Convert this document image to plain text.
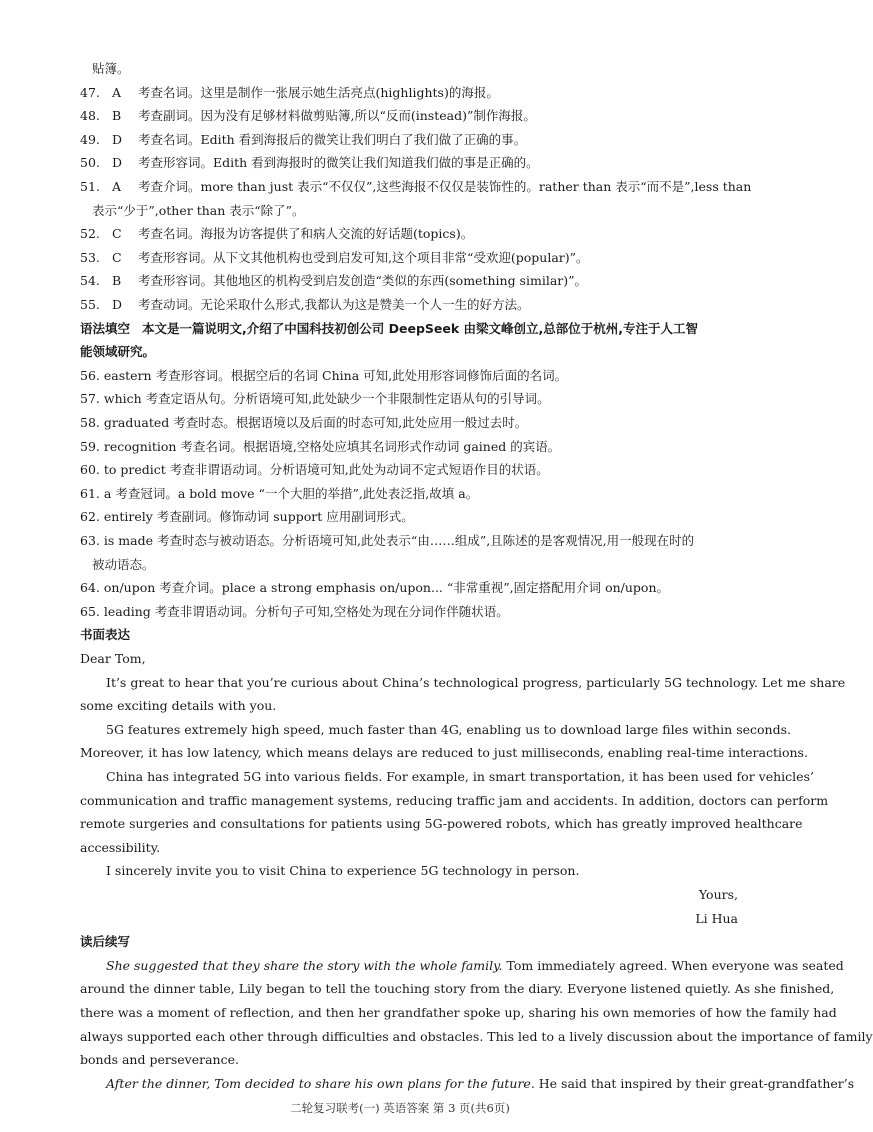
贴簿。
47. A 考查名词。这里是制作一张展示她生活亮点(highlights)的海报。
48. B 考查副词。因为没有足够材料做剪贴簿,所以“反而(instead)”制作海报。
49. D 考查名词。Edith 看到海报后的微笑让我们明白了我们做了正确的事。
50. D 考查形容词。Edith 看到海报时的微笑让我们知道我们做的事是正确的。
51. A 考查介词。more than just 表示“不仅仅”,这些海报不仅仅是装饰性的。rather than 表示“而不是”,less than
表示“少于”,other than 表示“除了”。
52. C 考查名词。海报为访客提供了和病人交流的好话题(topics)。
53. C 考查形容词。从下文其他机构也受到启发可知,这个项目非常“受欢迎(popular)”。
54. B 考查形容词。其他地区的机构受到启发创造“类似的东西(something similar)”。
55. D 考查动词。无论采取什么形式,我都认为这是赞美一个人一生的好方法。
语法填空 本文是一篇说明文,介绍了中国科技初创公司 DeepSeek 由梁文峰创立,总部位于杭州,专注于人工智
能领域研究。
56. eastern 考查形容词。根据空后的名词 China 可知,此处用形容词修饰后面的名词。
57. which 考查定语从句。分析语境可知,此处缺少一个非限制性定语从句的引导词。
58. graduated 考查时态。根据语境以及后面的时态可知,此处应用一般过去时。
59. recognition 考查名词。根据语境,空格处应填其名词形式作动词 gained 的宾语。
60. to predict 考查非谓语动词。分析语境可知,此处为动词不定式短语作目的状语。
61. a 考查冠词。a bold move “一个大胆的举措”,此处表泛指,故填 a。
62. entirely 考查副词。修饰动词 support 应用副词形式。
63. is made 考查时态与被动语态。分析语境可知,此处表示“由……组成”,且陈述的是客观情况,用一般现在时的
被动语态。
64. on/upon 考查介词。place a strong emphasis on/upon... “非常重视”,固定搭配用介词 on/upon。
65. leading 考查非谓语动词。分析句子可知,空格处为现在分词作伴随状语。
书面表达
Dear Tom,
It’s great to hear that you’re curious about China’s technological progress, particularly 5G technology. Let me share
some exciting details with you.
5G features extremely high speed, much faster than 4G, enabling us to download large files within seconds.
Moreover, it has low latency, which means delays are reduced to just milliseconds, enabling real-time interactions.
China has integrated 5G into various fields. For example, in smart transportation, it has been used for vehicles’
communication and traffic management systems, reducing traffic jam and accidents. In addition, doctors can perform
remote surgeries and consultations for patients using 5G-powered robots, which has greatly improved healthcare
accessibility.
I sincerely invite you to visit China to experience 5G technology in person.
Yours,
Li Hua
读后续写
She suggested that they share the story with the whole family. Tom immediately agreed. When everyone was seated
around the dinner table, Lily began to tell the touching story from the diary. Everyone listened quietly. As she finished,
there was a moment of reflection, and then her grandfather spoke up, sharing his own memories of how the family had
always supported each other through difficulties and obstacles. This led to a lively discussion about the importance of family
bonds and perseverance.
After the dinner, Tom decided to share his own plans for the future. He said that inspired by their great-grandfather’s
二轮复习联考(一) 英语答案 第 3 页(共6页)
